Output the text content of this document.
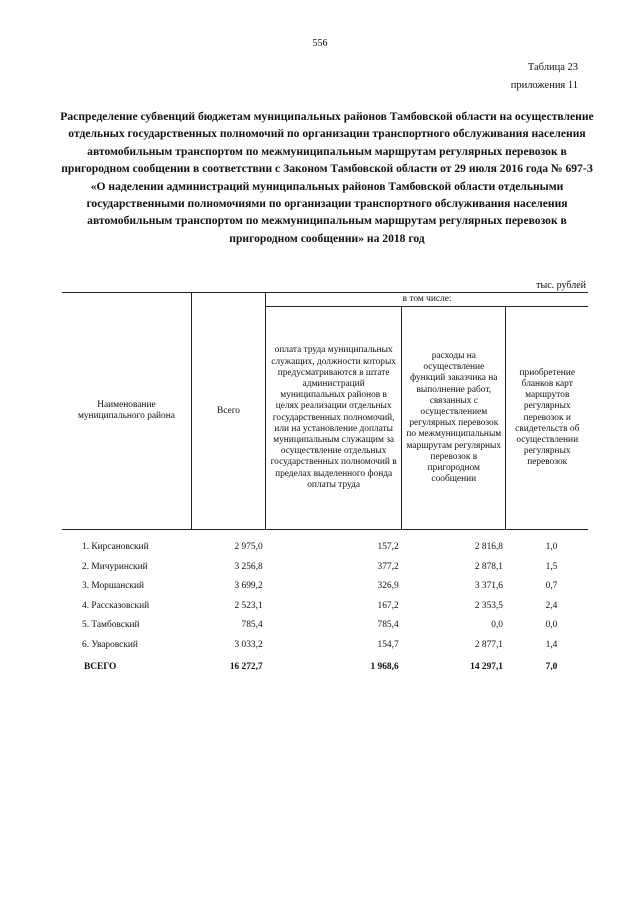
556
Таблица 23
приложения 11
Распределение субвенций бюджетам муниципальных районов Тамбовской области на осуществление отдельных государственных полномочий по организации транспортного обслуживания населения автомобильным транспортом по межмуниципальным маршрутам регулярных перевозок в пригородном сообщении в соответствии с Законом Тамбовской области от 29 июля 2016 года № 697-З «О наделении администраций муниципальных районов Тамбовской области отдельными государственными полномочиями по организации транспортного обслуживания населения автомобильным транспортом по межмуниципальным маршрутам регулярных перевозок в пригородном сообщении» на 2018 год
тыс. рублей
Наименование муниципального района	Всего	в том числе:		
		оплата труда муниципальных служащих, должности которых предусматриваются в штате администраций муниципальных районов в целях реализации отдельных государственных полномочий, или на установление доплаты муниципальным служащим за осуществление отдельных государственных полномочий в пределах выделенного фонда оплаты труда	расходы на осуществление функций заказчика на выполнение работ, связанных с осуществлением регулярных перевозок по межмуниципальным маршрутам регулярных перевозок в пригородном сообщении	приобретение бланков карт маршрутов регулярных перевозок и свидетельств об осуществлении регулярных перевозок

1. Кирсановский	2 975,0	157,2	2 816,8	1,0
2. Мичуринский	3 256,8	377,2	2 878,1	1,5
3. Моршанский	3 699,2	326,9	3 371,6	0,7
4. Рассказовский	2 523,1	167,2	2 353,5	2,4
5. Тамбовский	785,4	785,4	0,0	0,0
6. Уваровский	3 033,2	154,7	2 877,1	1,4
ВСЕГО	16 272,7	1 968,6	14 297,1	7,0
